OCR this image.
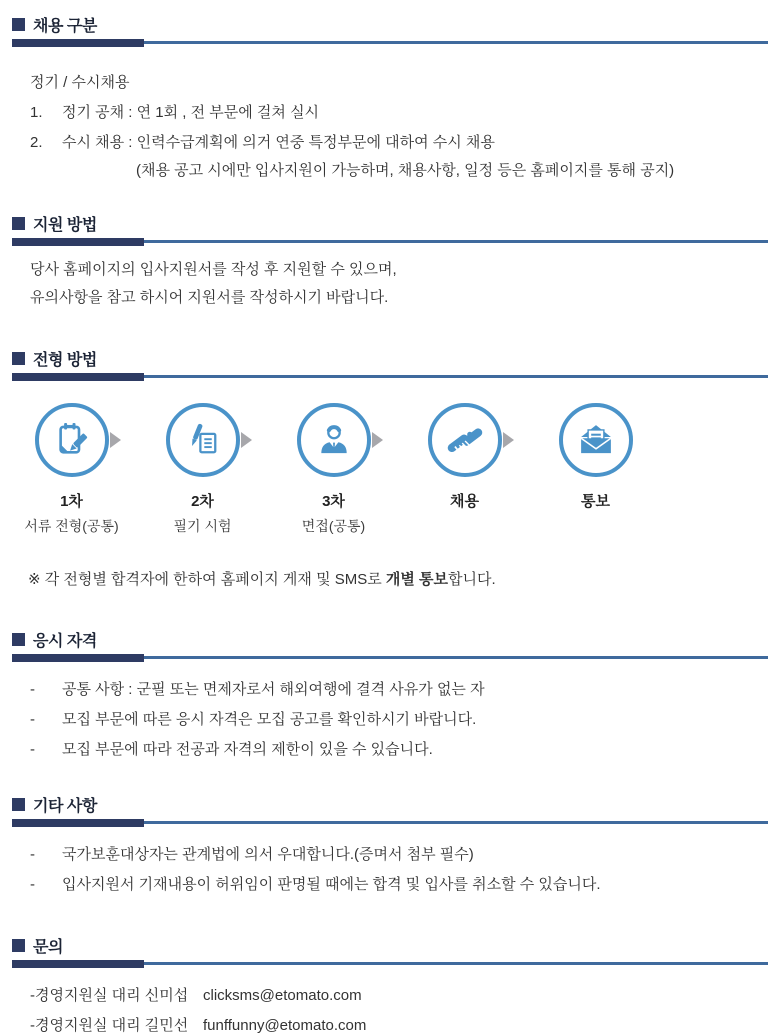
채용 구분

정기 / 수시채용

1.	정기 공채 : 연 1회 , 전 부문에 걸쳐 실시
2.	수시 채용 : 인력수급계획에 의거 연중 특정부문에 대하여 수시 채용

(채용 공고 시에만 입사지원이 가능하며, 채용사항, 일정 등은 홈페이지를 통해 공지)

지원 방법

당사 홈페이지의 입사지원서를 작성 후 지원할 수 있으며,

유의사항을 참고 하시어 지원서를 작성하시기 바랍니다.

전형 방법
1차
서류 전형(공통)
2차
필기 시험
3차
면접(공통)
채용	통보

※ 각 전형별 합격자에 한하여 홈페이지 게재 및 SMS로 개별 통보합니다.

응시 자격
-	공통 사항 : 군필 또는 면제자로서 해외여행에 결격 사유가 없는 자
-	모집 부문에 따른 응시 자격은 모집 공고를 확인하시기 바랍니다.
-	모집 부문에 따라 전공과 자격의 제한이 있을 수 있습니다.
기타 사항
-	국가보훈대상자는 관계법에 의서 우대합니다.(증며서 첨부 필수)
-	입사지원서 기재내용이 허위임이 판명될 때에는 합격 및 입사를 취소할 수 있습니다.
문의
- 경영지원실 대리 신미섭 clicksms@etomato.com
- 경영지원실 대리 길민선 funffunny@etomato.com
